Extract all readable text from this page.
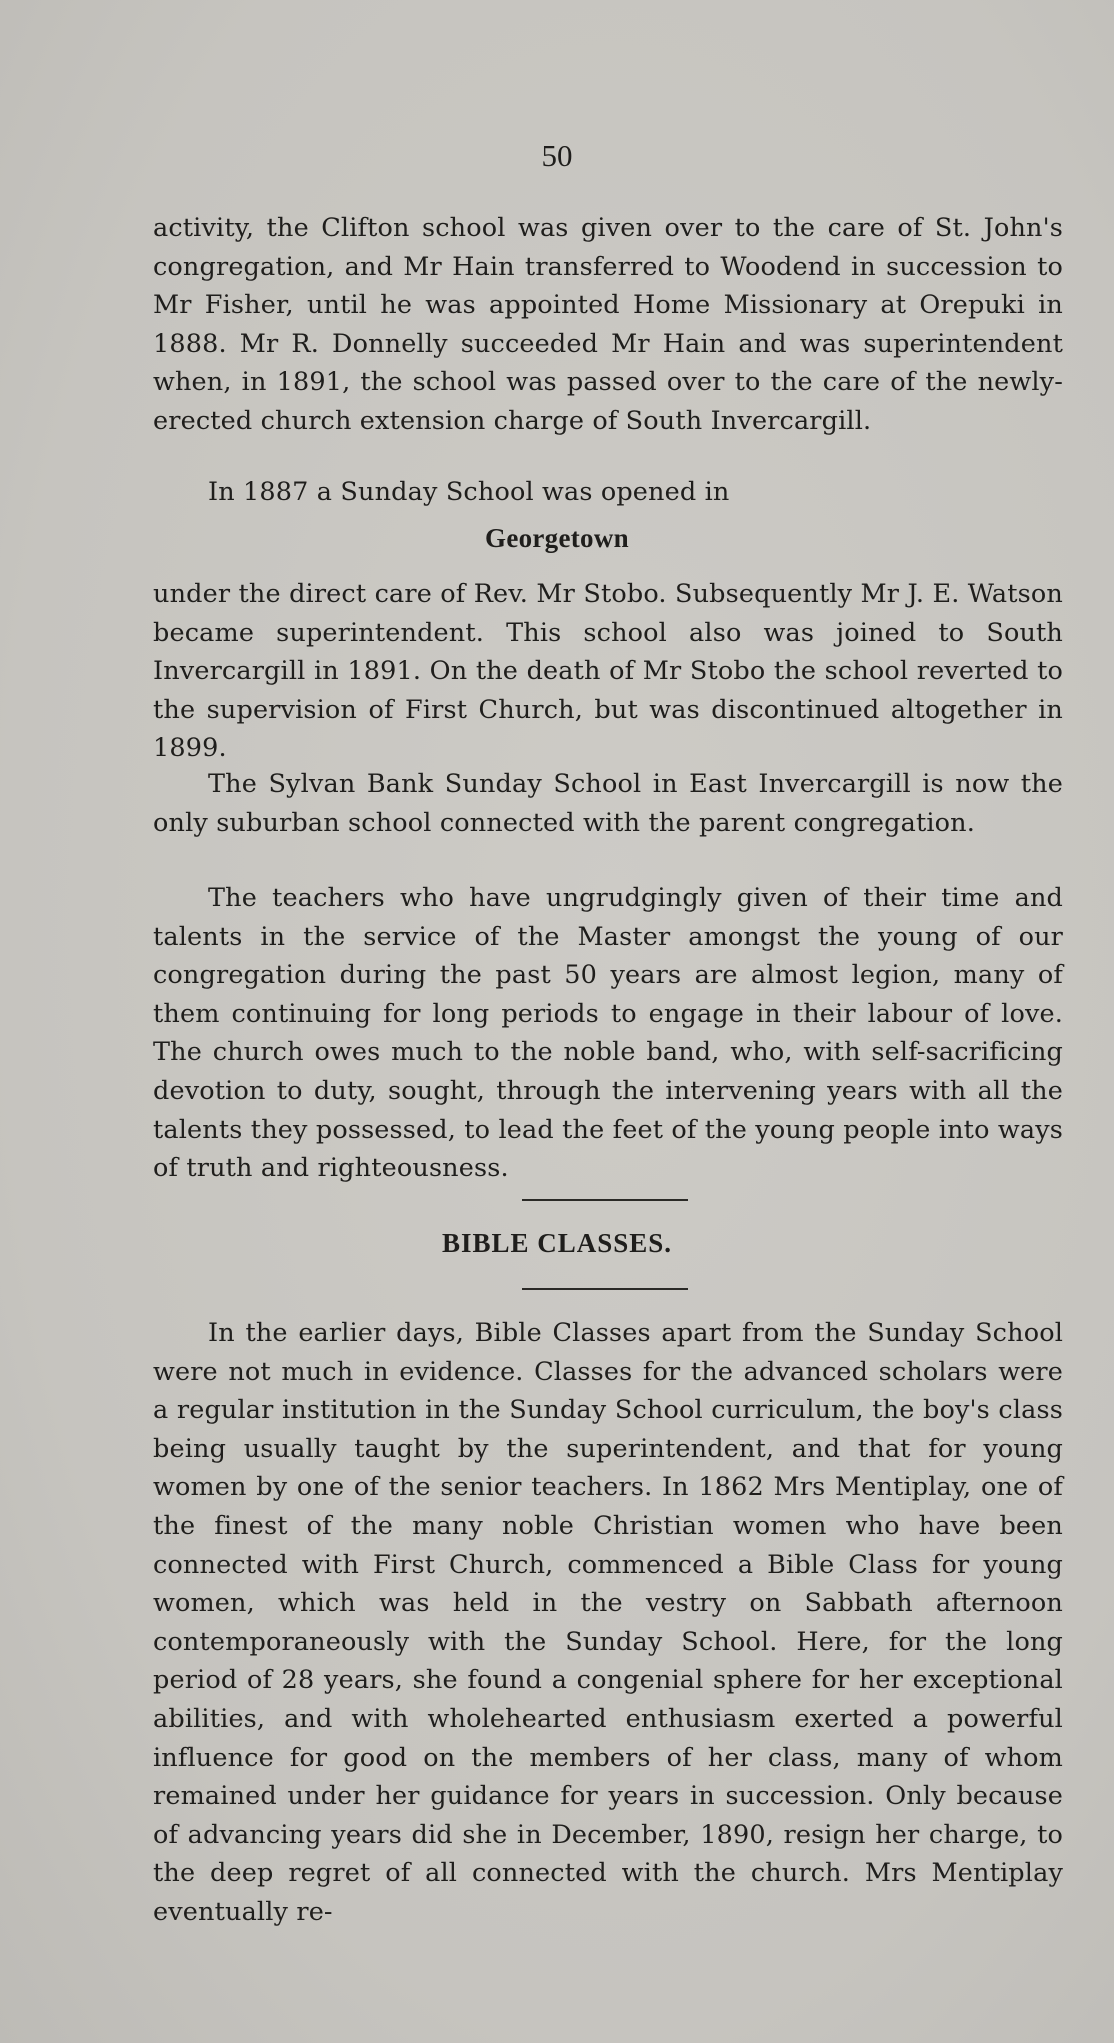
50

activity, the Clifton school was given over to the care of St. John's congregation, and Mr Hain transferred to Woodend in succession to Mr Fisher, until he was appointed Home Missionary at Orepuki in 1888. Mr R. Donnelly succeeded Mr Hain and was superintendent when, in 1891, the school was passed over to the care of the newly-erected church extension charge of South Invercargill.

In 1887 a Sunday School was opened in

Georgetown

under the direct care of Rev. Mr Stobo. Subsequently Mr J. E. Watson became superintendent. This school also was joined to South Invercargill in 1891. On the death of Mr Stobo the school reverted to the supervision of First Church, but was discontinued altogether in 1899.

The Sylvan Bank Sunday School in East Invercargill is now the only suburban school connected with the parent congregation.

The teachers who have ungrudgingly given of their time and talents in the service of the Master amongst the young of our congregation during the past 50 years are almost legion, many of them continuing for long periods to engage in their labour of love. The church owes much to the noble band, who, with self-sacrificing devotion to duty, sought, through the intervening years with all the talents they possessed, to lead the feet of the young people into ways of truth and righteousness.

BIBLE CLASSES.

In the earlier days, Bible Classes apart from the Sunday School were not much in evidence. Classes for the advanced scholars were a regular institution in the Sunday School curriculum, the boy's class being usually taught by the superintendent, and that for young women by one of the senior teachers. In 1862 Mrs Mentiplay, one of the finest of the many noble Christian women who have been connected with First Church, commenced a Bible Class for young women, which was held in the vestry on Sabbath afternoon contemporaneously with the Sunday School. Here, for the long period of 28 years, she found a congenial sphere for her exceptional abilities, and with wholehearted enthusiasm exerted a powerful influence for good on the members of her class, many of whom remained under her guidance for years in succession. Only because of advancing years did she in December, 1890, resign her charge, to the deep regret of all connected with the church. Mrs Mentiplay eventually re-
